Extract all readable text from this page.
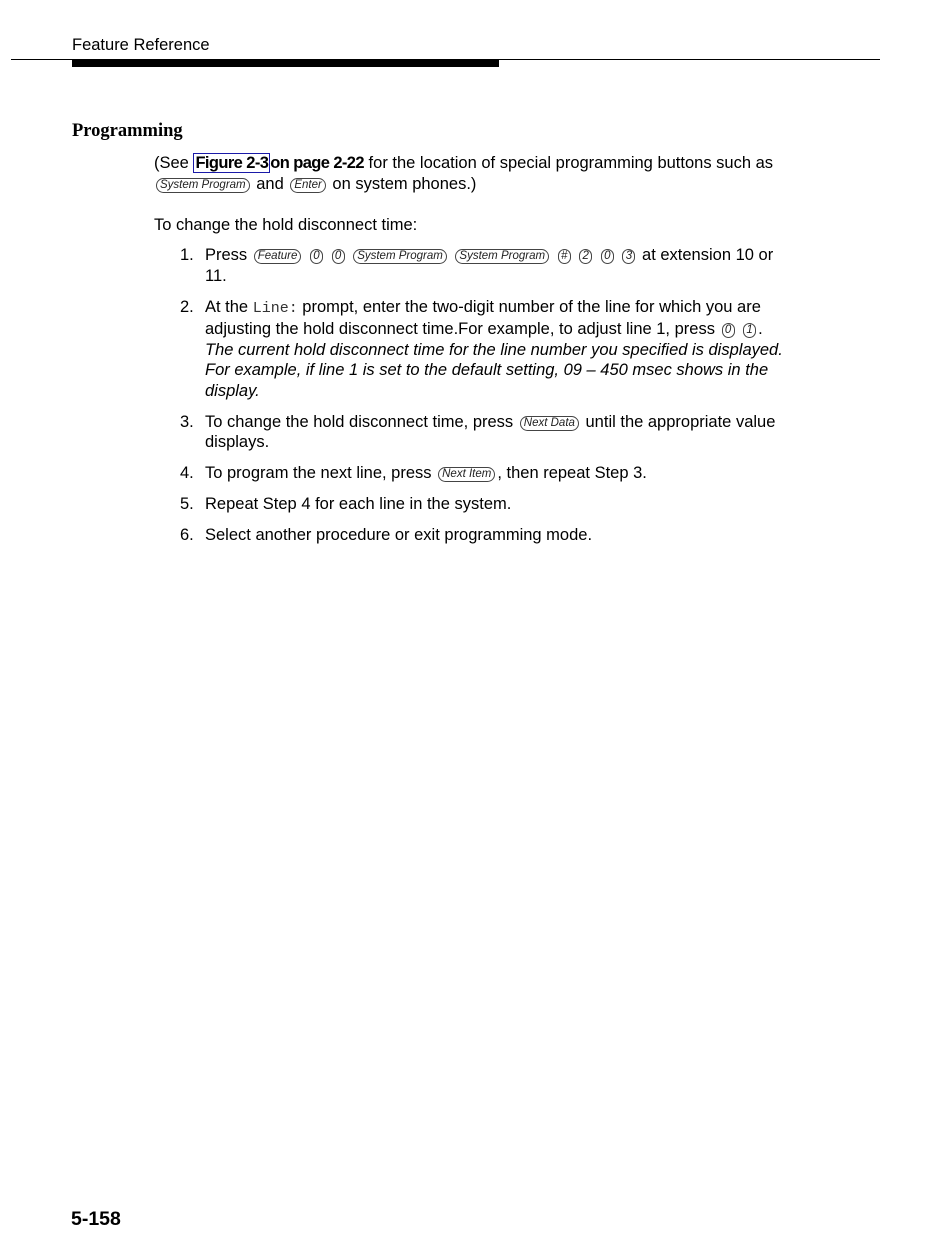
Feature Reference
Programming
(See Figure 2-3 on page 2-22 for the location of special programming buttons such as System Program and Enter on system phones.)
To change the hold disconnect time:
1. Press Feature 0 0 System Program System Program # 2 0 3 at extension 10 or 11.
2. At the Line: prompt, enter the two-digit number of the line for which you are adjusting the hold disconnect time.For example, to adjust line 1, press 0 1 .
The current hold disconnect time for the line number you specified is displayed. For example, if line 1 is set to the default setting, 09 – 450 msec shows in the display.
3. To change the hold disconnect time, press Next Data until the appropriate value displays.
4. To program the next line, press Next Item , then repeat Step 3.
5. Repeat Step 4 for each line in the system.
6. Select another procedure or exit programming mode.
5-158
